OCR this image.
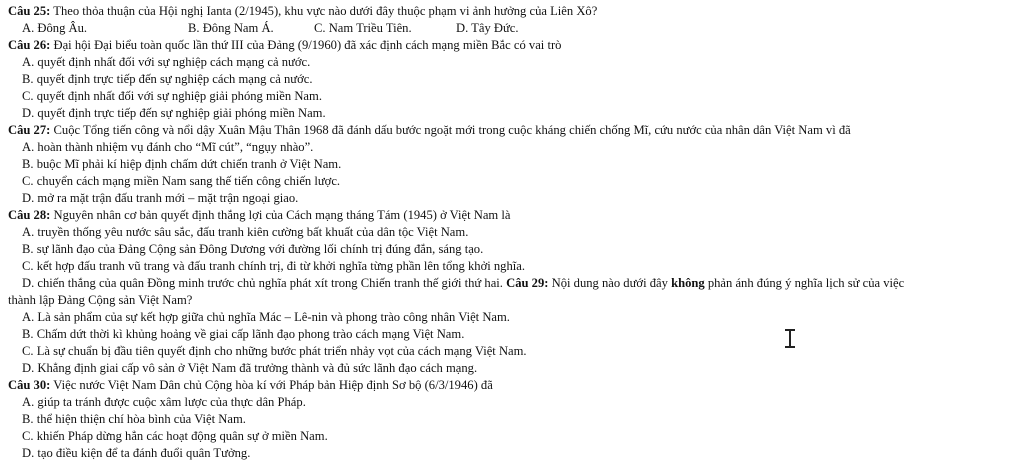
Câu 25: Theo thỏa thuận của Hội nghị Ianta (2/1945), khu vực nào dưới đây thuộc phạm vi ảnh hưởng của Liên Xô?
A. Đông Âu.	B. Đông Nam Á.	C. Nam Triều Tiên.	D. Tây Đức.
Câu 26: Đại hội Đại biểu toàn quốc lần thứ III của Đảng (9/1960) đã xác định cách mạng miền Bắc có vai trò
A. quyết định nhất đối với sự nghiệp cách mạng cả nước.
B. quyết định trực tiếp đến sự nghiệp cách mạng cả nước.
C. quyết định nhất đối với sự nghiệp giải phóng miền Nam.
D. quyết định trực tiếp đến sự nghiệp giải phóng miền Nam.
Câu 27: Cuộc Tổng tiến công và nổi dậy Xuân Mậu Thân 1968 đã đánh dấu bước ngoặt mới trong cuộc kháng chiến chống Mĩ, cứu nước của nhân dân Việt Nam vì đã
A. hoàn thành nhiệm vụ đánh cho “Mĩ cút”, “ngụy nhào”.
B. buộc Mĩ phải kí hiệp định chấm dứt chiến tranh ở Việt Nam.
C. chuyển cách mạng miền Nam sang thế tiến công chiến lược.
D. mở ra mặt trận đấu tranh mới – mặt trận ngoại giao.
Câu 28: Nguyên nhân cơ bản quyết định thắng lợi của Cách mạng tháng Tám (1945) ở Việt Nam là
A. truyền thống yêu nước sâu sắc, đấu tranh kiên cường bất khuất của dân tộc Việt Nam.
B. sự lãnh đạo của Đảng Cộng sản Đông Dương với đường lối chính trị đúng đắn, sáng tạo.
C. kết hợp đấu tranh vũ trang và đấu tranh chính trị, đi từ khởi nghĩa từng phần lên tổng khởi nghĩa.
D. chiến thắng của quân Đồng minh trước chủ nghĩa phát xít trong Chiến tranh thế giới thứ hai. Câu 29: Nội dung nào dưới đây không phản ánh đúng ý nghĩa lịch sử của việc
thành lập Đảng Cộng sản Việt Nam?
A. Là sản phẩm của sự kết hợp giữa chủ nghĩa Mác – Lê-nin và phong trào công nhân Việt Nam.
B. Chấm dứt thời kì khủng hoảng về giai cấp lãnh đạo phong trào cách mạng Việt Nam.
C. Là sự chuẩn bị đầu tiên quyết định cho những bước phát triển nhảy vọt của cách mạng Việt Nam.
D. Khẳng định giai cấp vô sản ở Việt Nam đã trưởng thành và đủ sức lãnh đạo cách mạng.
Câu 30: Việc nước Việt Nam Dân chủ Cộng hòa kí với Pháp bản Hiệp định Sơ bộ (6/3/1946) đã
A. giúp ta tránh được cuộc xâm lược của thực dân Pháp.
B. thể hiện thiện chí hòa bình của Việt Nam.
C. khiến Pháp dừng hẳn các hoạt động quân sự ở miền Nam.
D. tạo điều kiện để ta đánh đuổi quân Tưởng.
